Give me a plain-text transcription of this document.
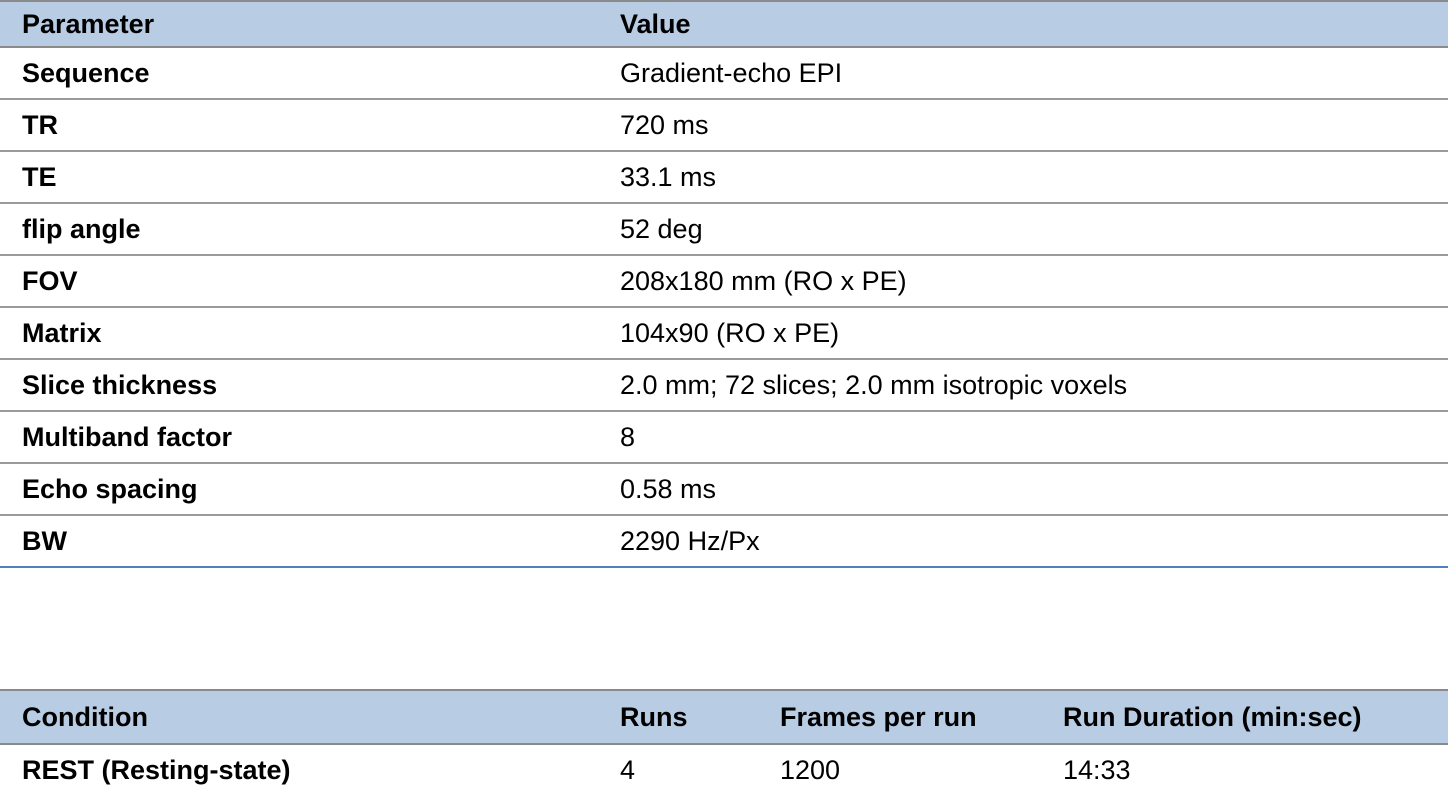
Parameter	Value
Sequence	Gradient-echo EPI
TR	720 ms
TE	33.1 ms
flip angle	52 deg
FOV	208x180 mm (RO x PE)
Matrix	104x90 (RO x PE)
Slice thickness	2.0 mm; 72 slices; 2.0 mm isotropic voxels
Multiband factor	8
Echo spacing	0.58 ms
BW	2290 Hz/Px
Condition	Runs	Frames per run	Run Duration (min:sec)
REST (Resting-state)	4	1200	14:33
